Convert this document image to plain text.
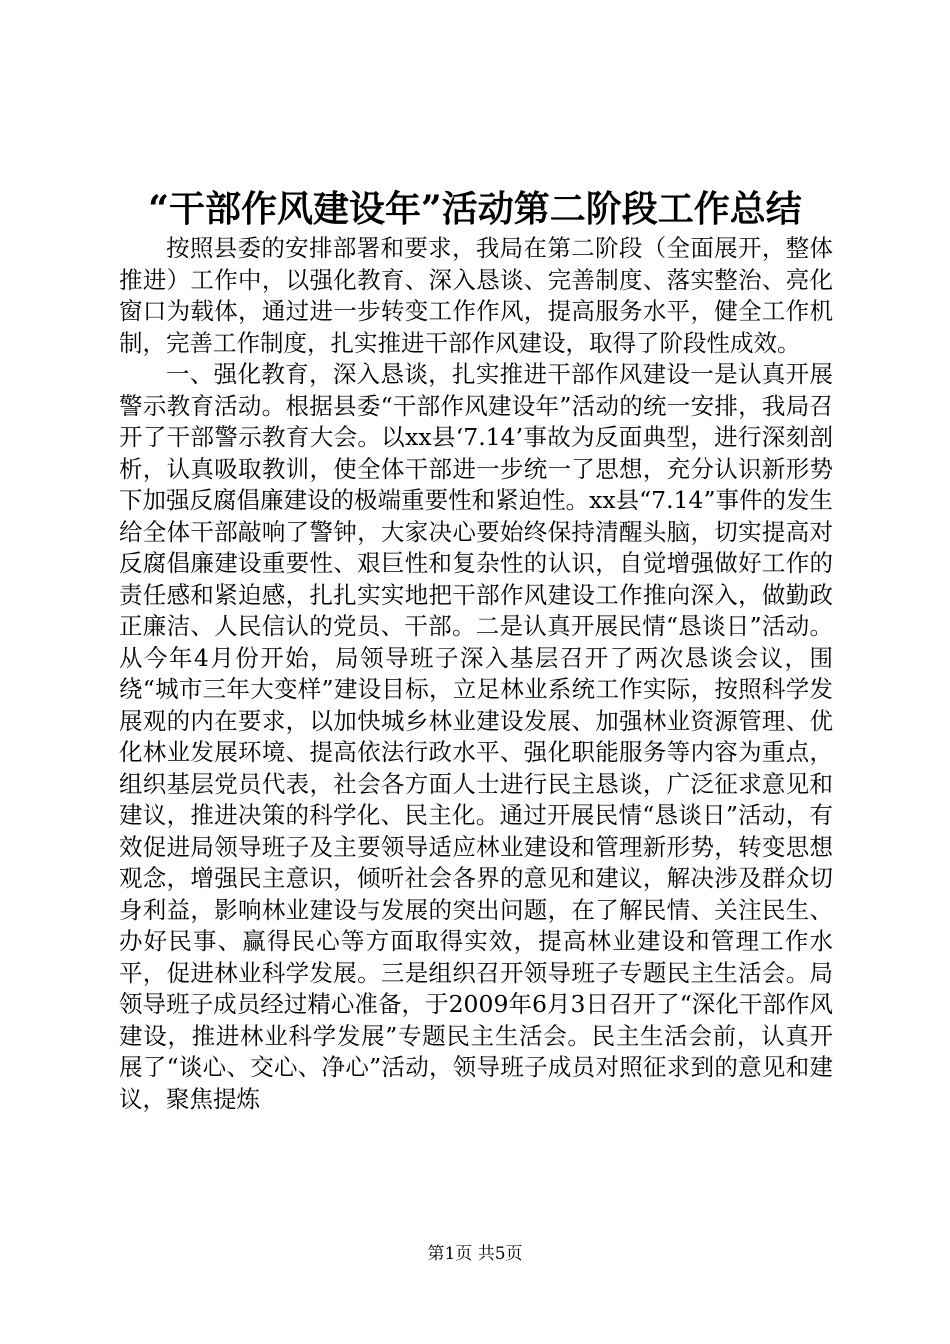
“干部作风建设年”活动第二阶段工作总结

按照县委的安排部署和要求，我局在第二阶段（全面展开，整体推进）工作中，以强化教育、深入恳谈、完善制度、落实整治、亮化窗口为载体，通过进一步转变工作作风，提高服务水平，健全工作机制，完善工作制度，扎实推进干部作风建设，取得了阶段性成效。

一、强化教育，深入恳谈，扎实推进干部作风建设一是认真开展警示教育活动。根据县委“干部作风建设年”活动的统一安排，我局召开了干部警示教育大会。以xx县‘7.14’事故为反面典型，进行深刻剖析，认真吸取教训，使全体干部进一步统一了思想，充分认识新形势下加强反腐倡廉建设的极端重要性和紧迫性。xx县“7.14”事件的发生给全体干部敲响了警钟，大家决心要始终保持清醒头脑，切实提高对反腐倡廉建设重要性、艰巨性和复杂性的认识，自觉增强做好工作的责任感和紧迫感，扎扎实实地把干部作风建设工作推向深入，做勤政正廉洁、人民信认的党员、干部。二是认真开展民情“恳谈日”活动。从今年4月份开始，局领导班子深入基层召开了两次恳谈会议，围绕“城市三年大变样”建设目标，立足林业系统工作实际，按照科学发展观的内在要求，以加快城乡林业建设发展、加强林业资源管理、优化林业发展环境、提高依法行政水平、强化职能服务等内容为重点，组织基层党员代表，社会各方面人士进行民主恳谈，广泛征求意见和建议，推进决策的科学化、民主化。通过开展民情“恳谈日”活动，有效促进局领导班子及主要领导适应林业建设和管理新形势，转变思想观念，增强民主意识，倾听社会各界的意见和建议，解决涉及群众切身利益，影响林业建设与发展的突出问题，在了解民情、关注民生、办好民事、赢得民心等方面取得实效，提高林业建设和管理工作水平，促进林业科学发展。三是组织召开领导班子专题民主生活会。局领导班子成员经过精心准备，于2009年6月3日召开了“深化干部作风建设，推进林业科学发展”专题民主生活会。民主生活会前，认真开展了“谈心、交心、净心”活动，领导班子成员对照征求到的意见和建议，聚焦提炼

第1页 共5页
